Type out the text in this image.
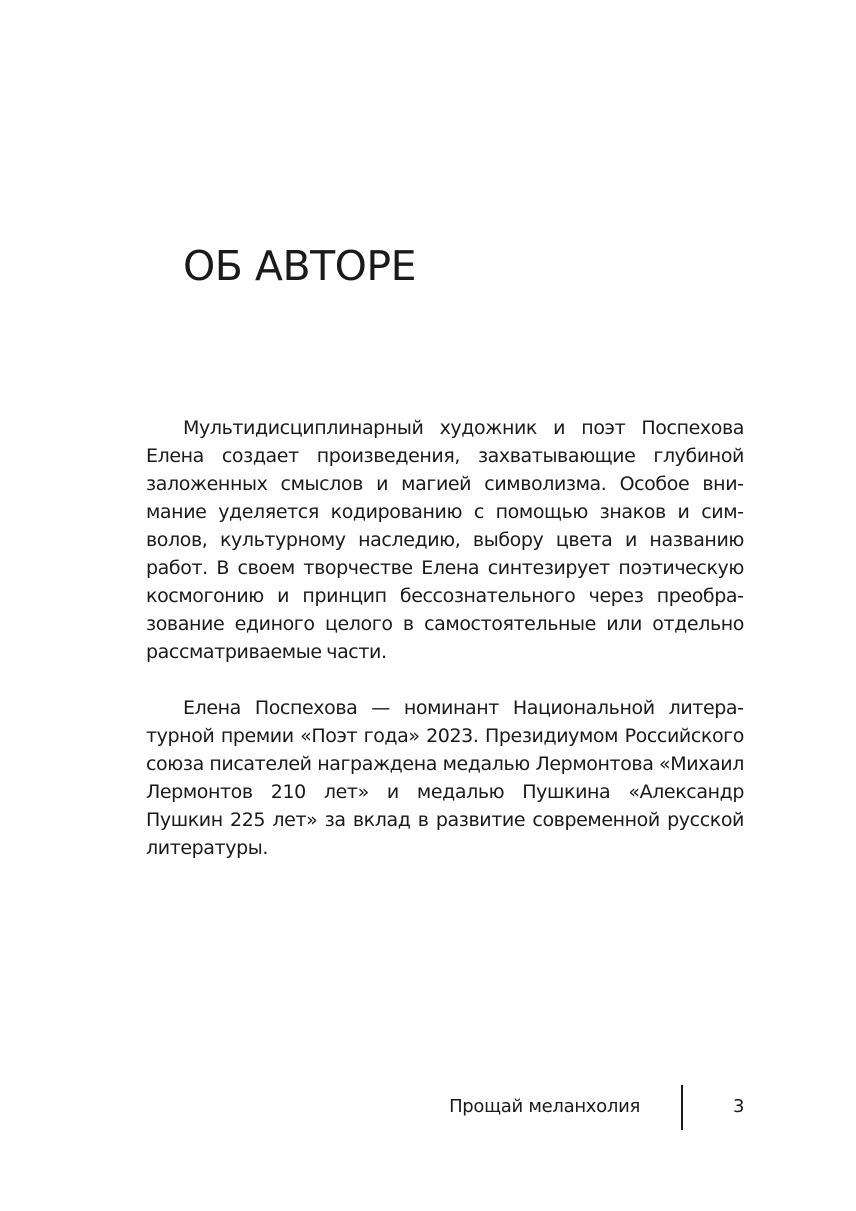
ОБ АВТОРЕ

Мультидисциплинарный художник и поэт Поспехова Елена создает произведения, захватывающие глубиной заложенных смыслов и магией символизма. Особое внимание уделяется кодированию с помощью знаков и символов, культурному наследию, выбору цвета и названию работ. В своем творчестве Елена синтезирует поэтическую космогонию и принцип бессознательного через преобразование единого целого в самостоятельные или отдельно рассматриваемые части.

Елена Поспехова — номинант Национальной литературной премии «Поэт года» 2023. Президиумом Российского союза писателей награждена медалью Лермонтова «Михаил Лермонтов 210 лет» и медалью Пушкина «Александр Пушкин 225 лет» за вклад в развитие современной русской литературы.

Прощай меланхолия	3
